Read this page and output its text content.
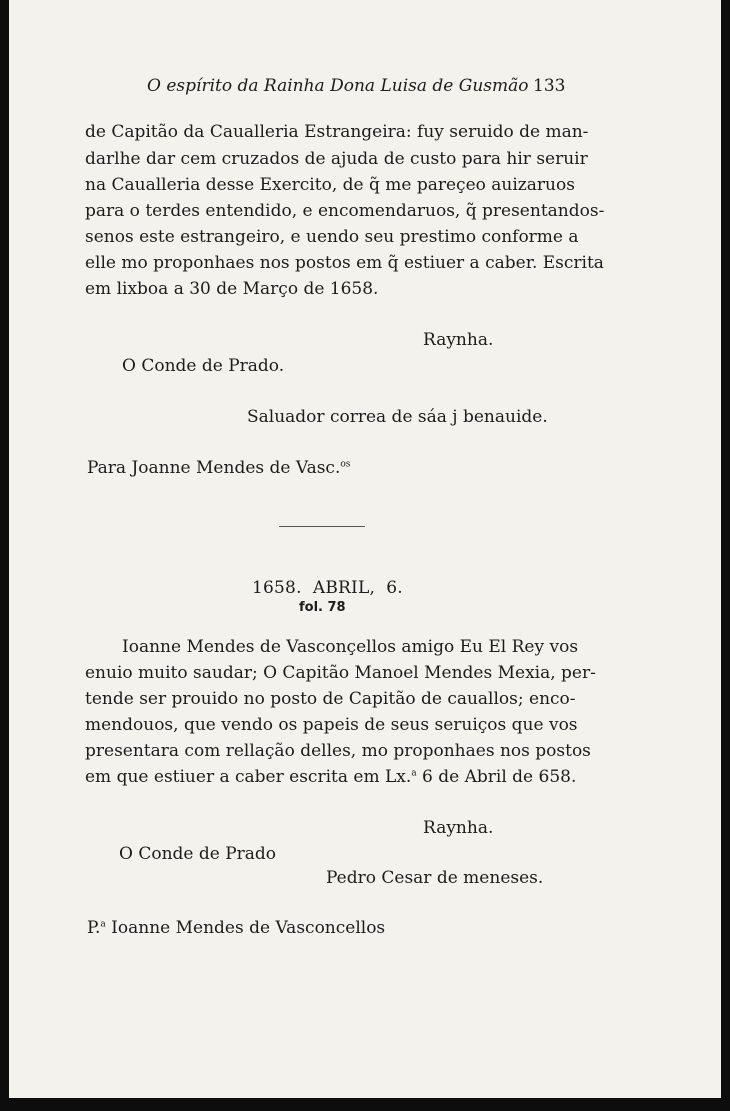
O espírito da Rainha Dona Luisa de Gusmão 133

de Capitão da Caualleria Estrangeira: fuy seruido de man-

darlhe dar cem cruzados de ajuda de custo para hir seruir

na Caualleria desse Exercito, de q̃ me pareçeo auizaruos

para o terdes entendido, e encomendaruos, q̃ presentandos-

senos este estrangeiro, e uendo seu prestimo conforme a

elle mo proponhaes nos postos em q̃ estiuer a caber. Escrita

em lixboa a 30 de Março de 1658.

Raynha.

O Conde de Prado.

Saluador correa de sáa j benauide.

Para Joanne Mendes de Vasc.$^{os}$

1658.  ABRIL,  6.

fol. 78

Ioanne Mendes de Vasconçellos amigo Eu El Rey vos

enuio muito saudar; O Capitão Manoel Mendes Mexia, per-

tende ser prouido no posto de Capitão de cauallos; enco-

mendouos, que vendo os papeis de seus seruiços que vos

presentara com rellação delles, mo proponhaes nos postos

em que estiuer a caber escrita em Lx.$^a$ 6 de Abril de 658.

Raynha.

O Conde de Prado

Pedro Cesar de meneses.

P.$^a$ Ioanne Mendes de Vasconcellos
